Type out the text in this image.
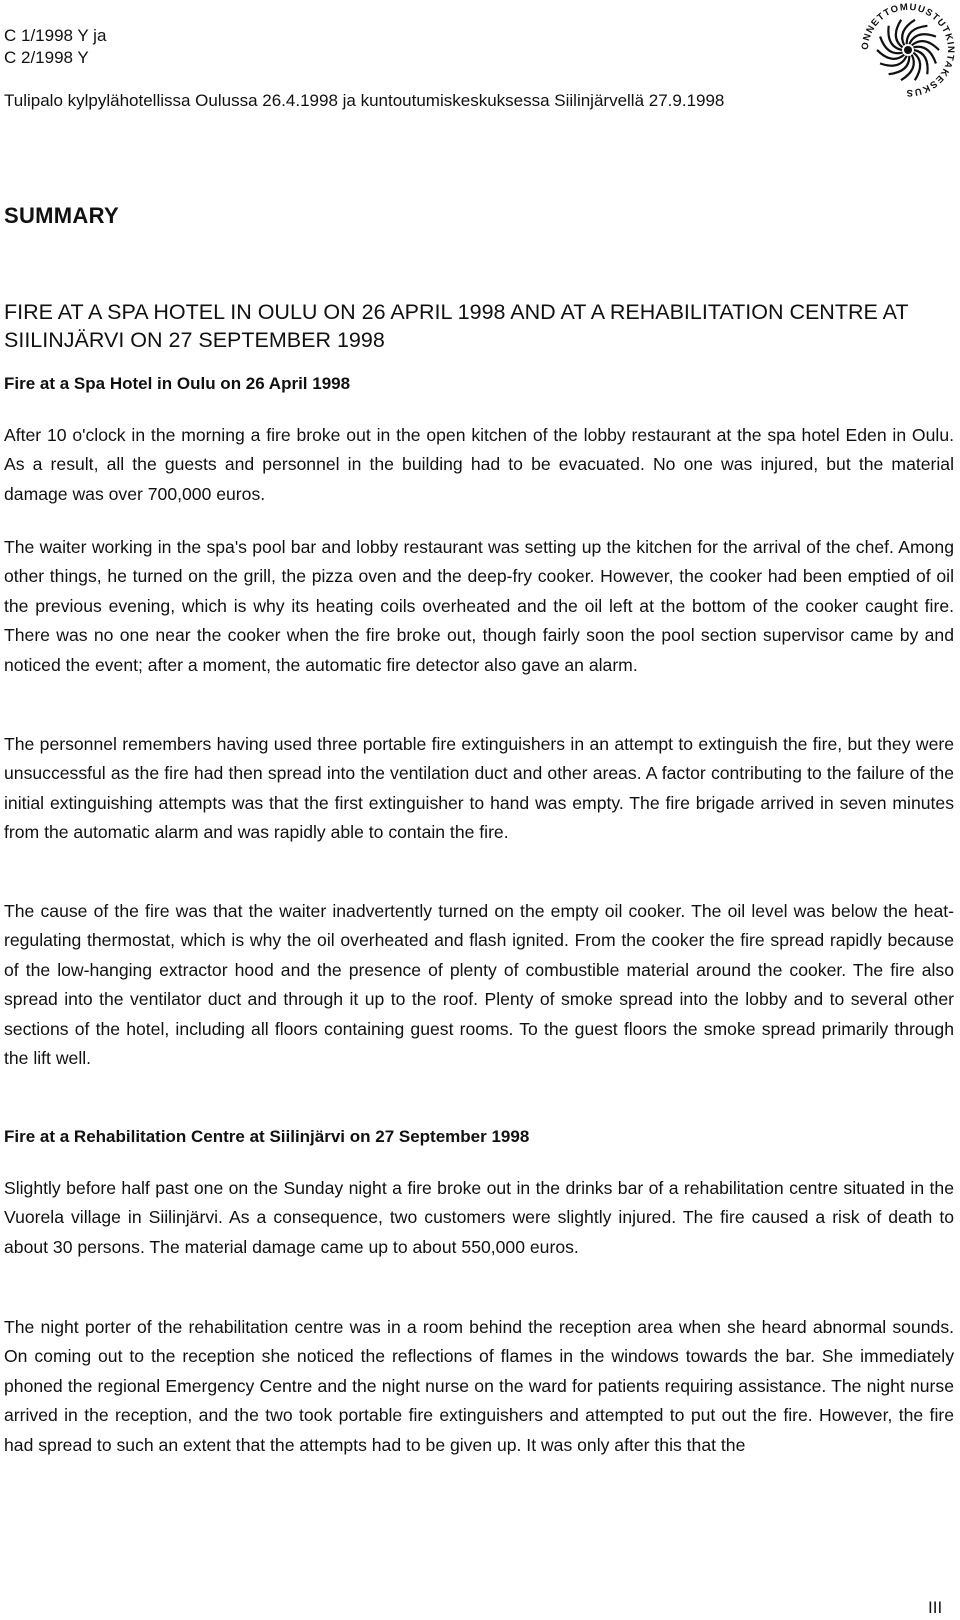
C 1/1998 Y ja
C 2/1998 Y
Tulipalo kylpylähotellissa Oulussa 26.4.1998 ja kuntoutumiskeskuksessa Siilinjärvellä 27.9.1998
ONNETTOMUUSTUTKINTAKESKUS
SUMMARY
FIRE AT A SPA HOTEL IN OULU ON 26 APRIL 1998 AND AT A REHABILITATION CENTRE AT SIILINJÄRVI ON 27 SEPTEMBER 1998
Fire at a Spa Hotel in Oulu on 26 April 1998

After 10 o'clock in the morning a fire broke out in the open kitchen of the lobby restaurant at the spa hotel Eden in Oulu. As a result, all the guests and personnel in the building had to be evacuated. No one was injured, but the material damage was over 700,000 euros.

The waiter working in the spa's pool bar and lobby restaurant was setting up the kitchen for the arrival of the chef. Among other things, he turned on the grill, the pizza oven and the deep-fry cooker. However, the cooker had been emptied of oil the previous evening, which is why its heating coils overheated and the oil left at the bottom of the cooker caught fire. There was no one near the cooker when the fire broke out, though fairly soon the pool section supervisor came by and noticed the event; after a moment, the automatic fire detector also gave an alarm.

The personnel remembers having used three portable fire extinguishers in an attempt to extinguish the fire, but they were unsuccessful as the fire had then spread into the ventilation duct and other areas. A factor contributing to the failure of the initial extinguishing attempts was that the first extinguisher to hand was empty. The fire brigade arrived in seven minutes from the automatic alarm and was rapidly able to contain the fire.

The cause of the fire was that the waiter inadvertently turned on the empty oil cooker. The oil level was below the heat-regulating thermostat, which is why the oil overheated and flash ignited. From the cooker the fire spread rapidly because of the low-hanging extractor hood and the presence of plenty of combustible material around the cooker. The fire also spread into the ventilator duct and through it up to the roof. Plenty of smoke spread into the lobby and to several other sections of the hotel, including all floors containing guest rooms. To the guest floors the smoke spread primarily through the lift well.

Fire at a Rehabilitation Centre at Siilinjärvi on 27 September 1998

Slightly before half past one on the Sunday night a fire broke out in the drinks bar of a rehabilitation centre situated in the Vuorela village in Siilinjärvi. As a consequence, two customers were slightly injured. The fire caused a risk of death to about 30 persons. The material damage came up to about 550,000 euros.

The night porter of the rehabilitation centre was in a room behind the reception area when she heard abnormal sounds. On coming out to the reception she noticed the reflections of flames in the windows towards the bar. She immediately phoned the regional Emergency Centre and the night nurse on the ward for patients requiring assistance. The night nurse arrived in the reception, and the two took portable fire extinguishers and attempted to put out the fire. However, the fire had spread to such an extent that the attempts had to be given up. It was only after this that the

III
